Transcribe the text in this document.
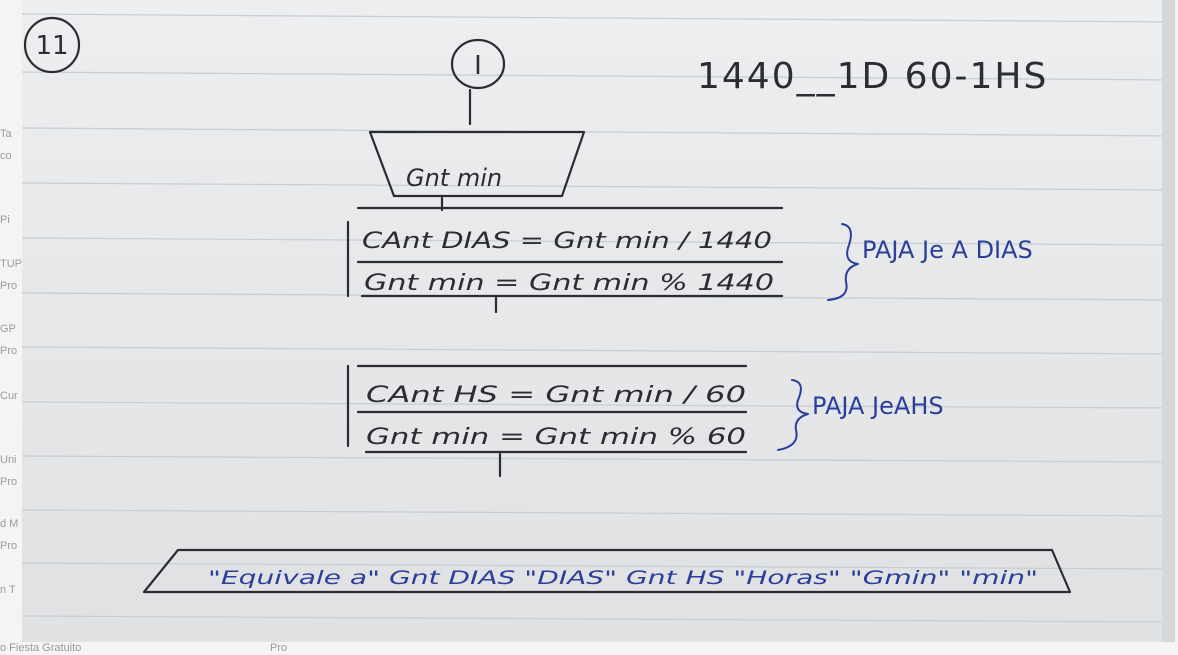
Ta
co
Pi
TUP
Pro
GP
Pro
Cur
Uni
Pro
d M
Pro
n T
o Fiesta Gratuito	Pro
11
I	1440__1D 60-1HS
Gnt min
CAnt DIAS = Gnt min / 1440
Gnt min = Gnt min % 1440
PAJA Je A DIAS
CAnt HS = Gnt min / 60
Gnt min = Gnt min % 60
PAJA JeAHS
"Equivale a" Gnt DIAS "DIAS" Gnt HS "Horas" "Gmin" "min"
